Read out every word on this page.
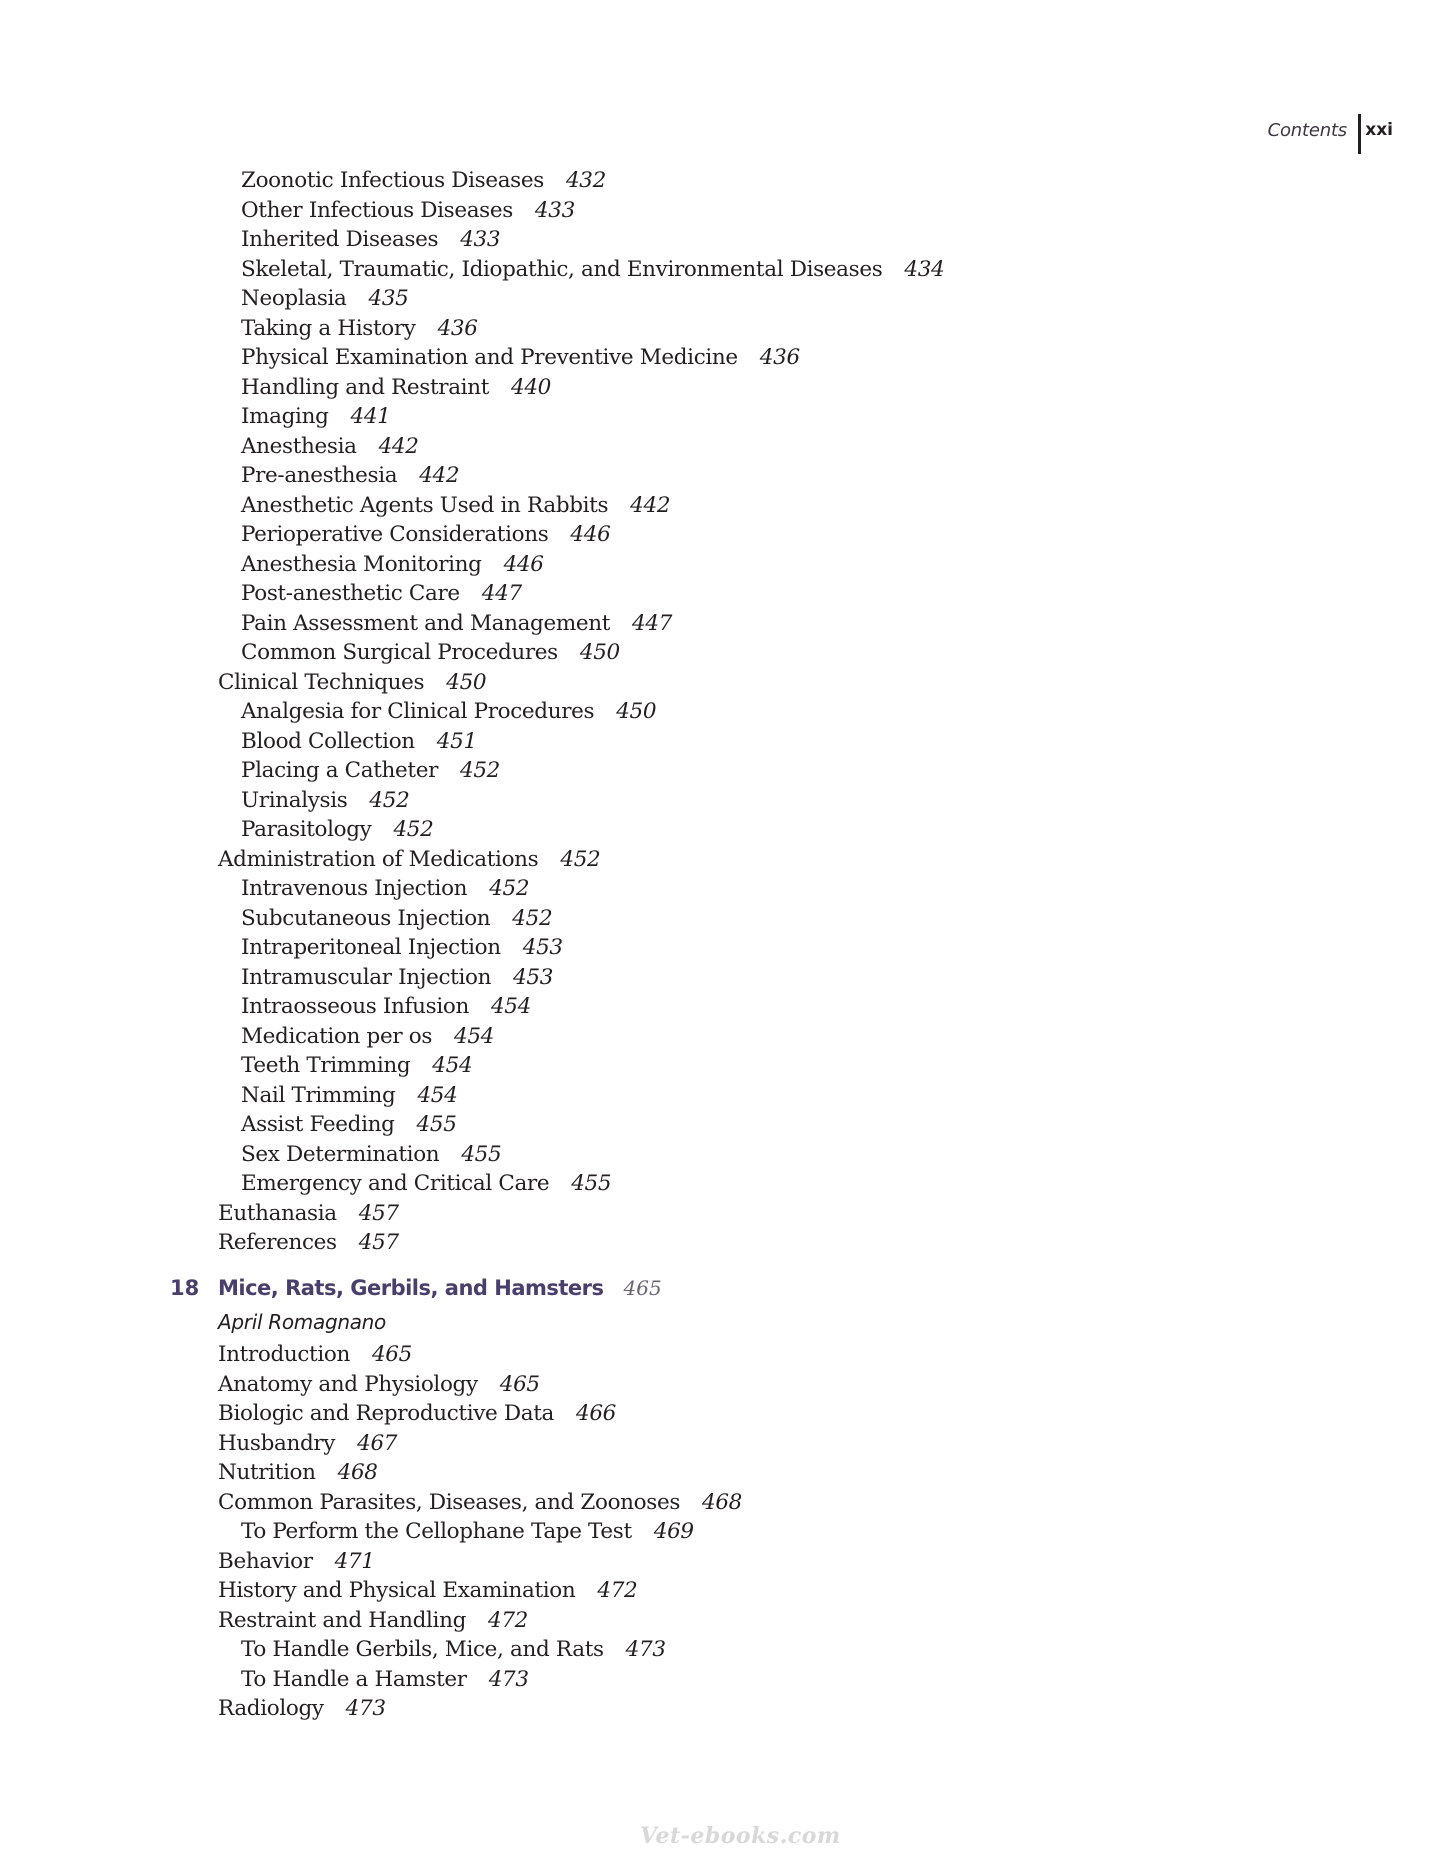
Contents xxi
Zoonotic Infectious Diseases 432
Other Infectious Diseases 433
Inherited Diseases 433
Skeletal, Traumatic, Idiopathic, and Environmental Diseases 434
Neoplasia 435
Taking a History 436
Physical Examination and Preventive Medicine 436
Handling and Restraint 440
Imaging 441
Anesthesia 442
Pre-anesthesia 442
Anesthetic Agents Used in Rabbits 442
Perioperative Considerations 446
Anesthesia Monitoring 446
Post-anesthetic Care 447
Pain Assessment and Management 447
Common Surgical Procedures 450
Clinical Techniques 450
Analgesia for Clinical Procedures 450
Blood Collection 451
Placing a Catheter 452
Urinalysis 452
Parasitology 452
Administration of Medications 452
Intravenous Injection 452
Subcutaneous Injection 452
Intraperitoneal Injection 453
Intramuscular Injection 453
Intraosseous Infusion 454
Medication per os 454
Teeth Trimming 454
Nail Trimming 454
Assist Feeding 455
Sex Determination 455
Emergency and Critical Care 455
Euthanasia 457
References 457
18 Mice, Rats, Gerbils, and Hamsters 465
April Romagnano
Introduction 465
Anatomy and Physiology 465
Biologic and Reproductive Data 466
Husbandry 467
Nutrition 468
Common Parasites, Diseases, and Zoonoses 468
To Perform the Cellophane Tape Test 469
Behavior 471
History and Physical Examination 472
Restraint and Handling 472
To Handle Gerbils, Mice, and Rats 473
To Handle a Hamster 473
Radiology 473
Vet-ebooks.com
